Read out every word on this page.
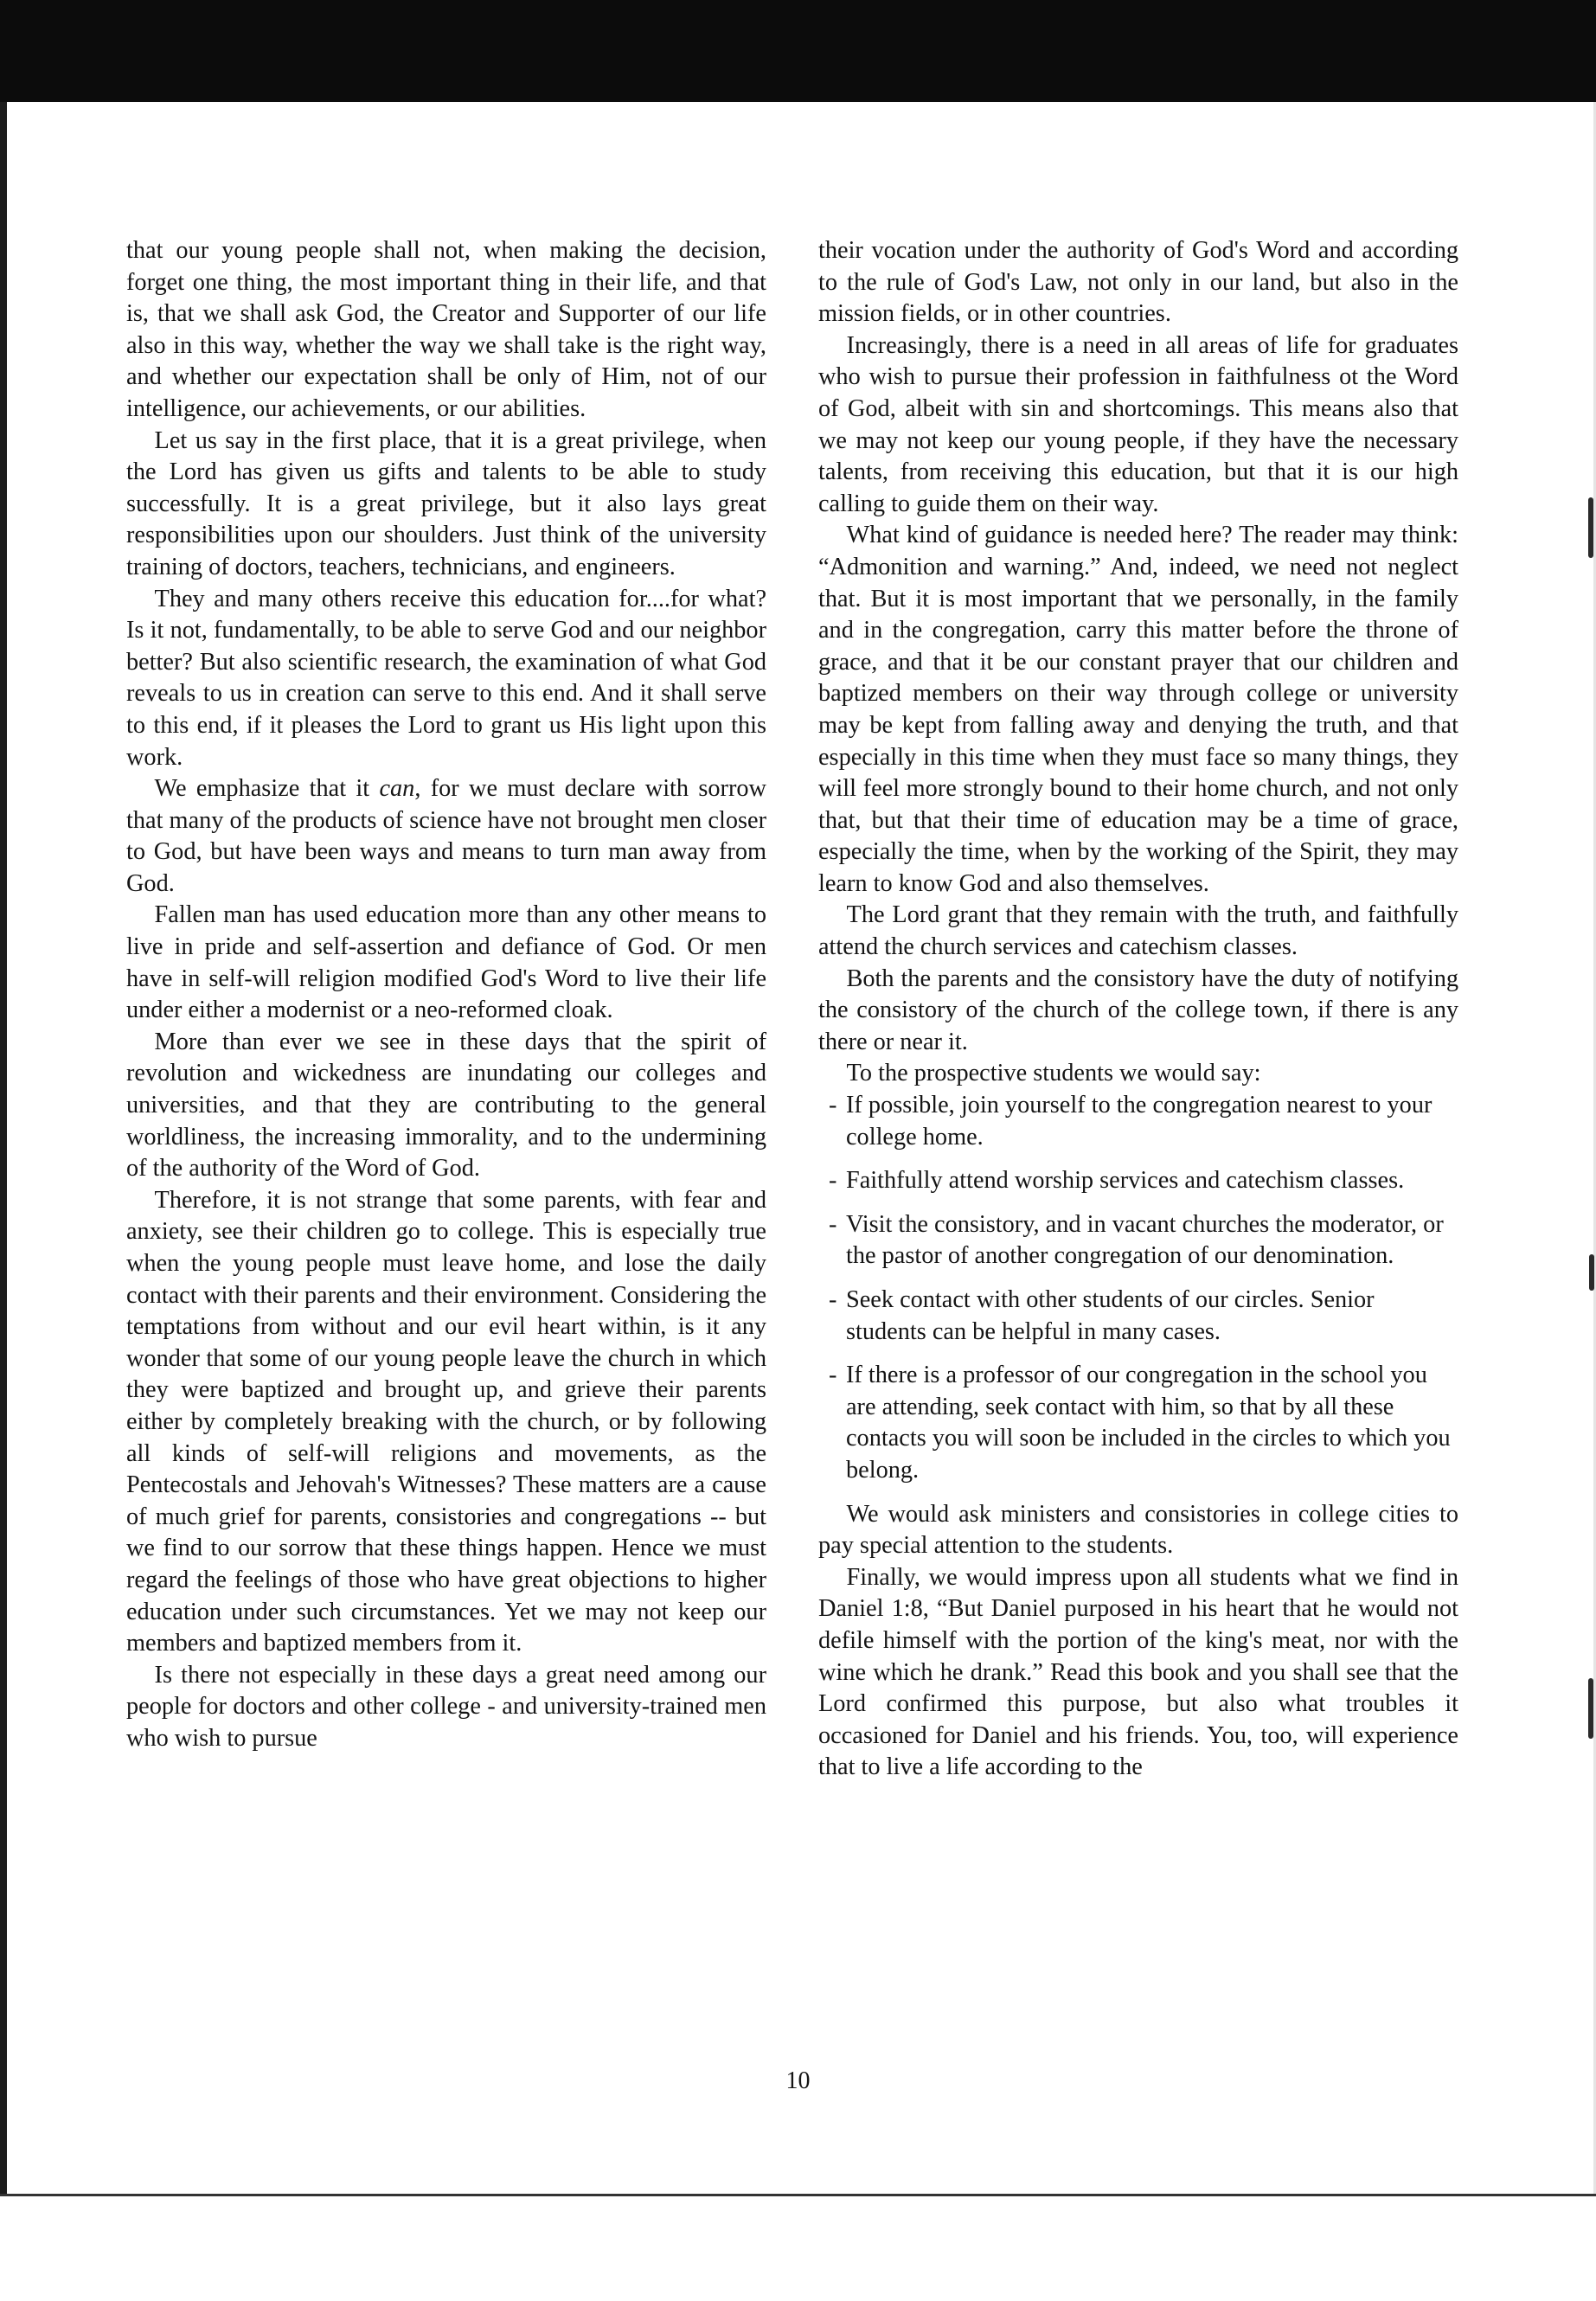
that our young people shall not, when making the decision, forget one thing, the most important thing in their life, and that is, that we shall ask God, the Creator and Supporter of our life also in this way, whether the way we shall take is the right way, and whether our expectation shall be only of Him, not of our intelligence, our achievements, or our abilities.

Let us say in the first place, that it is a great privilege, when the Lord has given us gifts and talents to be able to study successfully. It is a great privilege, but it also lays great responsibilities upon our shoulders. Just think of the university training of doctors, teachers, technicians, and engineers.

They and many others receive this education for....for what? Is it not, fundamentally, to be able to serve God and our neighbor better? But also scientific research, the examination of what God reveals to us in creation can serve to this end. And it shall serve to this end, if it pleases the Lord to grant us His light upon this work.

We emphasize that it can, for we must declare with sorrow that many of the products of science have not brought men closer to God, but have been ways and means to turn man away from God.

Fallen man has used education more than any other means to live in pride and self-assertion and defiance of God. Or men have in self-will religion modified God's Word to live their life under either a modernist or a neo-reformed cloak.

More than ever we see in these days that the spirit of revolution and wickedness are inundating our colleges and universities, and that they are contributing to the general worldliness, the increasing immorality, and to the undermining of the authority of the Word of God.

Therefore, it is not strange that some parents, with fear and anxiety, see their children go to college. This is especially true when the young people must leave home, and lose the daily contact with their parents and their environment. Considering the temptations from without and our evil heart within, is it any wonder that some of our young people leave the church in which they were baptized and brought up, and grieve their parents either by completely breaking with the church, or by following all kinds of self-will religions and movements, as the Pentecostals and Jehovah's Witnesses? These matters are a cause of much grief for parents, consistories and congregations -- but we find to our sorrow that these things happen. Hence we must regard the feelings of those who have great objections to higher education under such circumstances. Yet we may not keep our members and baptized members from it.

Is there not especially in these days a great need among our people for doctors and other college - and university-trained men who wish to pursue

their vocation under the authority of God's Word and according to the rule of God's Law, not only in our land, but also in the mission fields, or in other countries.

Increasingly, there is a need in all areas of life for graduates who wish to pursue their profession in faithfulness ot the Word of God, albeit with sin and shortcomings. This means also that we may not keep our young people, if they have the necessary talents, from receiving this education, but that it is our high calling to guide them on their way.

What kind of guidance is needed here? The reader may think: “Admonition and warning.” And, indeed, we need not neglect that. But it is most important that we personally, in the family and in the congregation, carry this matter before the throne of grace, and that it be our constant prayer that our children and baptized members on their way through college or university may be kept from falling away and denying the truth, and that especially in this time when they must face so many things, they will feel more strongly bound to their home church, and not only that, but that their time of education may be a time of grace, especially the time, when by the working of the Spirit, they may learn to know God and also themselves.

The Lord grant that they remain with the truth, and faithfully attend the church services and catechism classes.

Both the parents and the consistory have the duty of notifying the consistory of the church of the college town, if there is any there or near it.

To the prospective students we would say:

- If possible, join yourself to the congregation nearest to your college home.
- Faithfully attend worship services and catechism classes.
- Visit the consistory, and in vacant churches the moderator, or the pastor of another congregation of our denomination.
- Seek contact with other students of our circles. Senior students can be helpful in many cases.
- If there is a professor of our congregation in the school you are attending, seek contact with him, so that by all these contacts you will soon be included in the circles to which you belong.

We would ask ministers and consistories in college cities to pay special attention to the students.

Finally, we would impress upon all students what we find in Daniel 1:8, “But Daniel purposed in his heart that he would not defile himself with the portion of the king's meat, nor with the wine which he drank.” Read this book and you shall see that the Lord confirmed this purpose, but also what troubles it occasioned for Daniel and his friends. You, too, will experience that to live a life according to the

10
